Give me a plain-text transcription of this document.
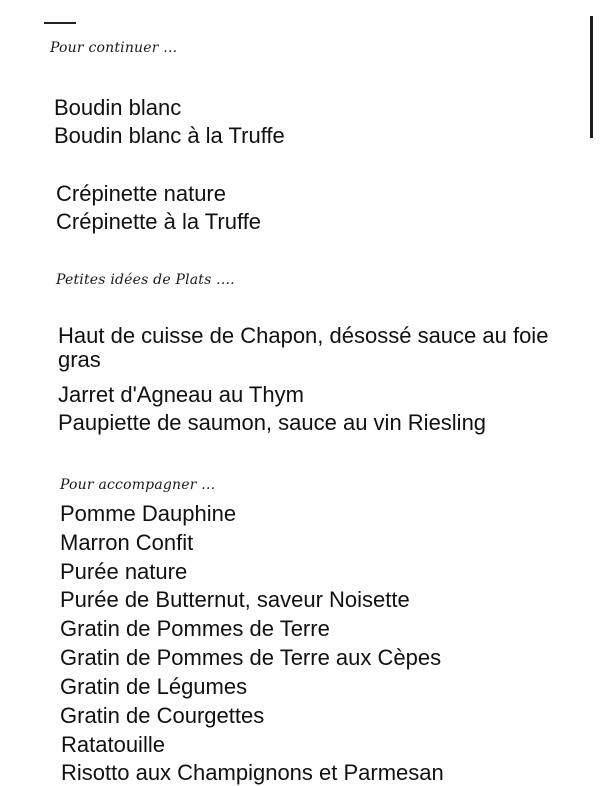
Pour continuer ...
Boudin blanc
Boudin blanc à la Truffe
Crépinette nature
Crépinette à la Truffe
Petites idées de Plats ....
Haut de cuisse de Chapon, désossé sauce au foie gras
Jarret d'Agneau au Thym
Paupiette de saumon, sauce au vin Riesling
Pour accompagner ...
Pomme Dauphine
Marron Confit
Purée nature
Purée de Butternut, saveur Noisette
Gratin de Pommes de Terre
Gratin de Pommes de Terre aux Cèpes
Gratin de Légumes
Gratin de Courgettes
Ratatouille
Risotto aux Champignons et Parmesan
